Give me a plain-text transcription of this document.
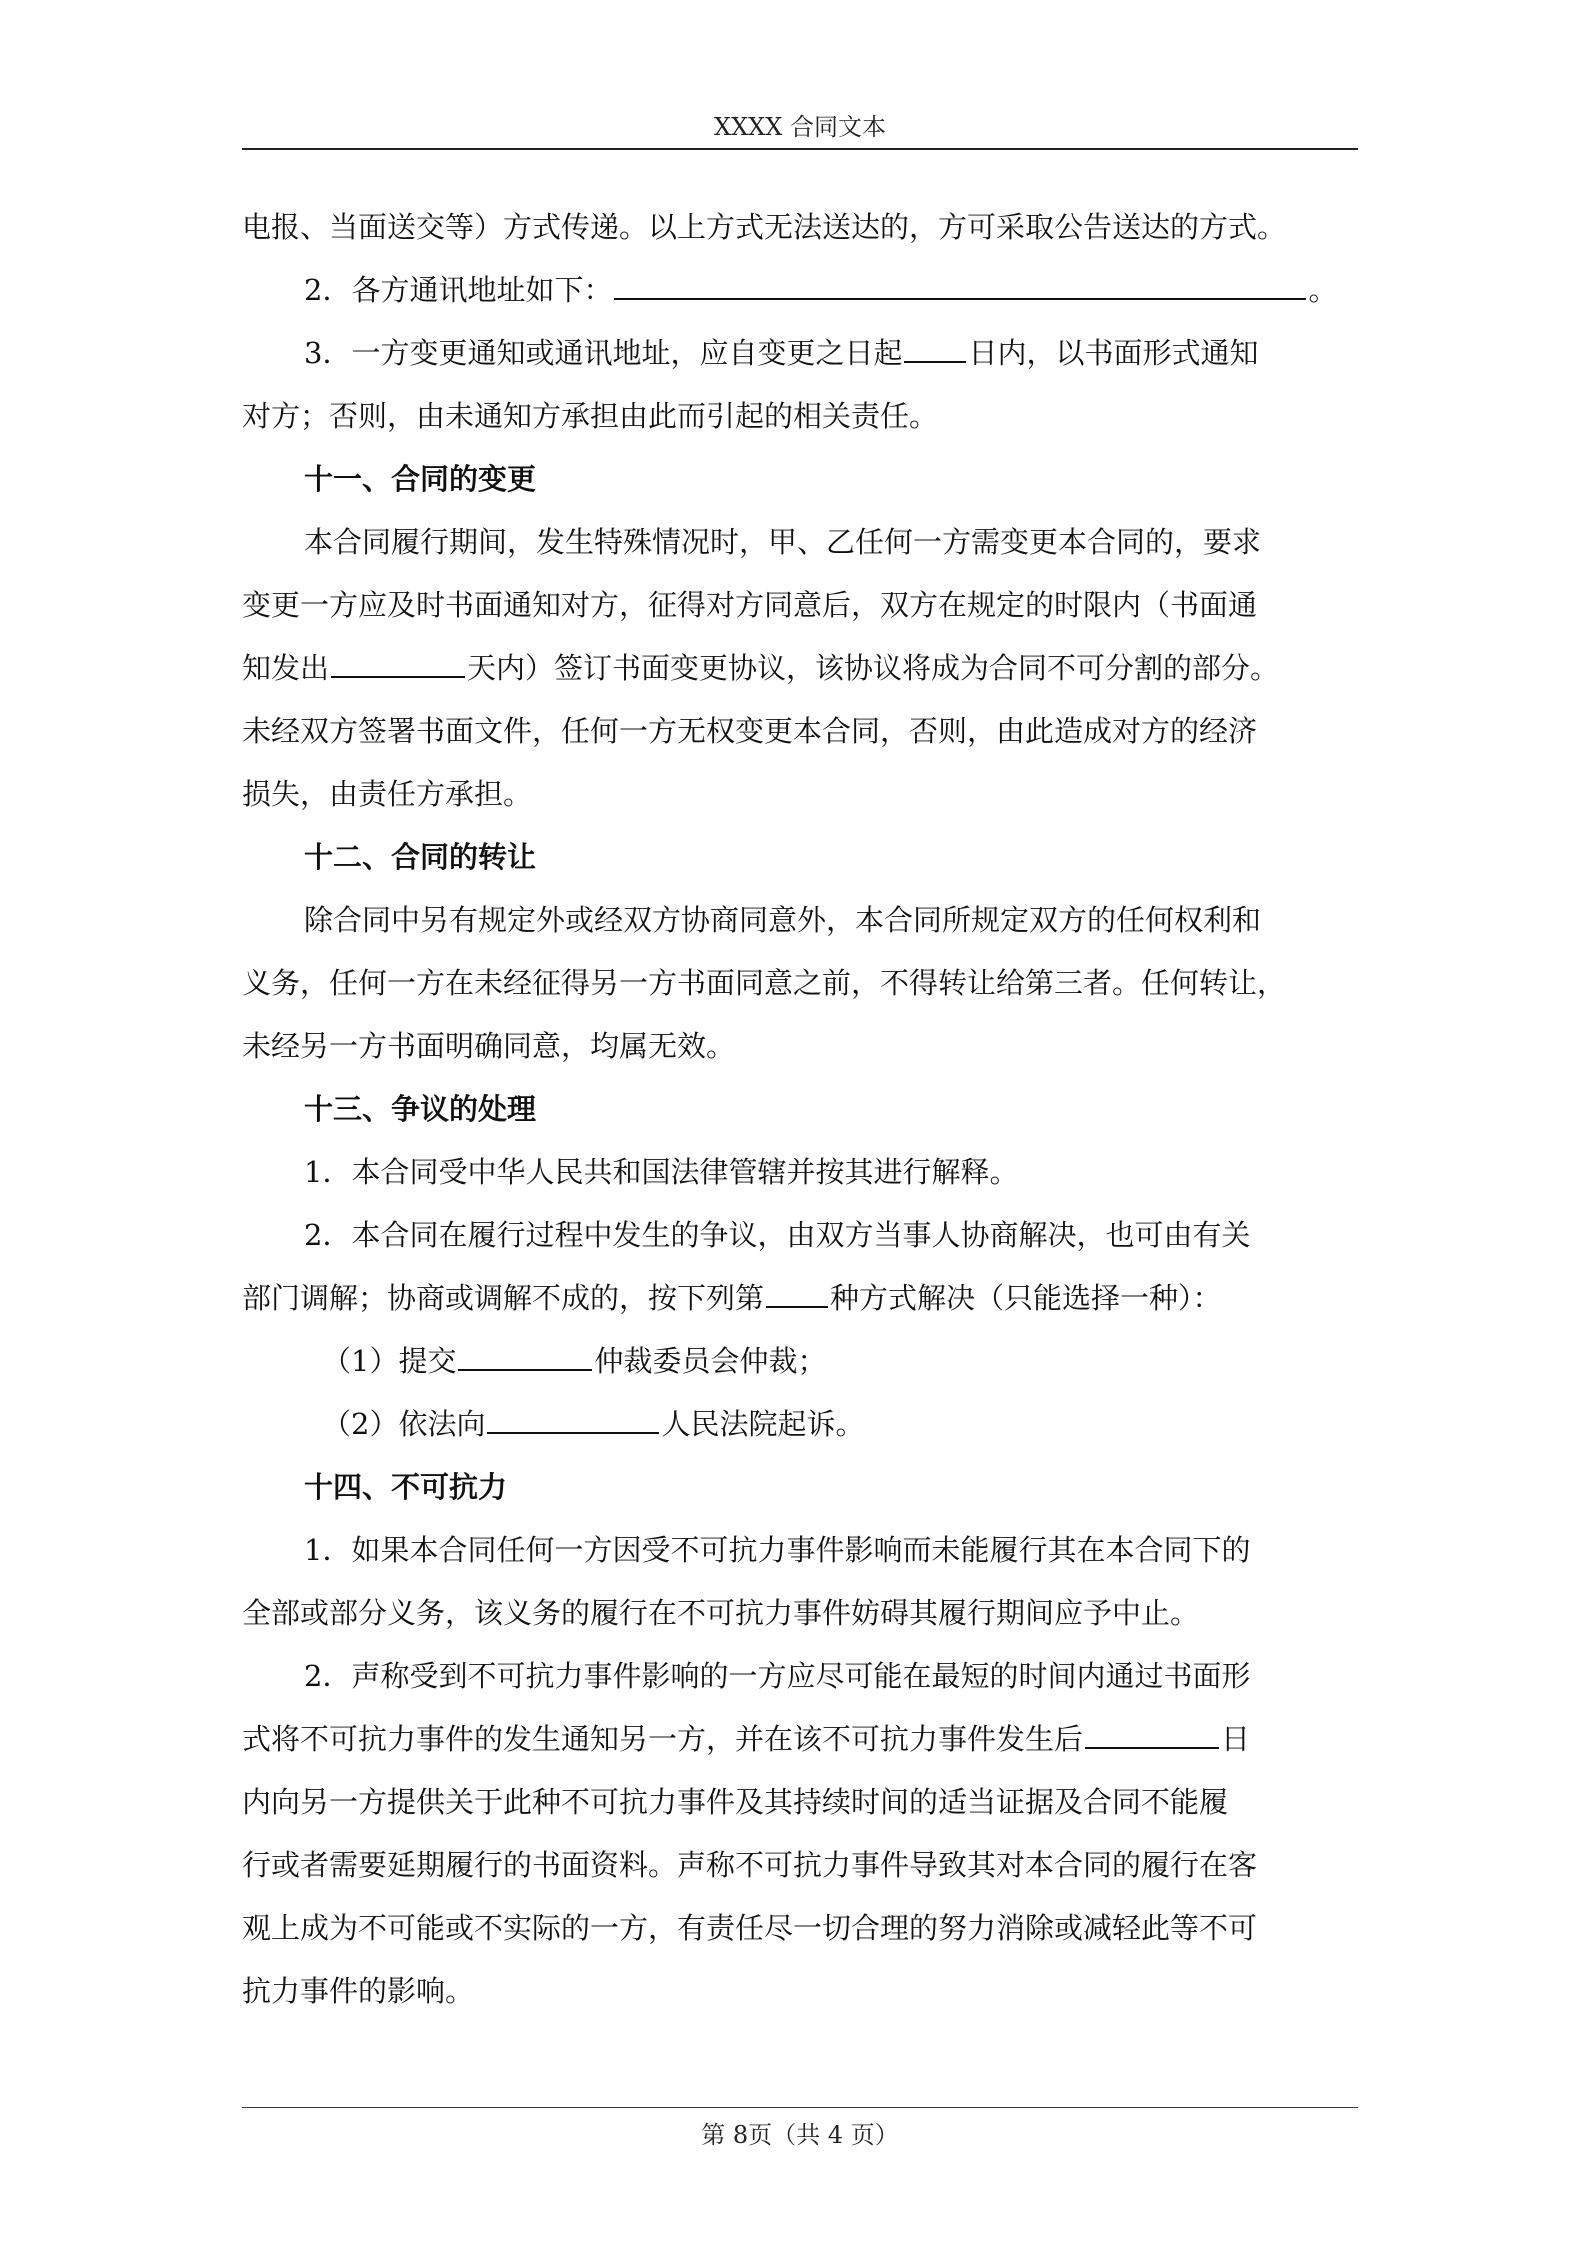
XXXX 合同文本
电报、当面送交等）方式传递。以上方式无法送达的，方可采取公告送达的方式。
2．各方通讯地址如下：	。
3．一方变更通知或通讯地址，应自变更之日起 日内，以书面形式通知
对方；否则，由未通知方承担由此而引起的相关责任。
十一、合同的变更
本合同履行期间，发生特殊情况时，甲、乙任何一方需变更本合同的，要求
变更一方应及时书面通知对方，征得对方同意后，双方在规定的时限内（书面通
知发出	天内）签订书面变更协议，该协议将成为合同不可分割的部分。
未经双方签署书面文件，任何一方无权变更本合同，否则，由此造成对方的经济
损失，由责任方承担。
十二、合同的转让
除合同中另有规定外或经双方协商同意外，本合同所规定双方的任何权利和
义务，任何一方在未经征得另一方书面同意之前，不得转让给第三者。任何转让，
未经另一方书面明确同意，均属无效。
十三、争议的处理
1．本合同受中华人民共和国法律管辖并按其进行解释。
2．本合同在履行过程中发生的争议，由双方当事人协商解决，也可由有关
部门调解；协商或调解不成的，按下列第 种方式解决（只能选择一种）：
（1）提交	仲裁委员会仲裁；
（2）依法向	人民法院起诉。
十四、不可抗力
1．如果本合同任何一方因受不可抗力事件影响而未能履行其在本合同下的
全部或部分义务，该义务的履行在不可抗力事件妨碍其履行期间应予中止。
2．声称受到不可抗力事件影响的一方应尽可能在最短的时间内通过书面形
式将不可抗力事件的发生通知另一方，并在该不可抗力事件发生后	日
内向另一方提供关于此种不可抗力事件及其持续时间的适当证据及合同不能履
行或者需要延期履行的书面资料。声称不可抗力事件导致其对本合同的履行在客
观上成为不可能或不实际的一方，有责任尽一切合理的努力消除或减轻此等不可
抗力事件的影响。
第 8页（共 4 页）
